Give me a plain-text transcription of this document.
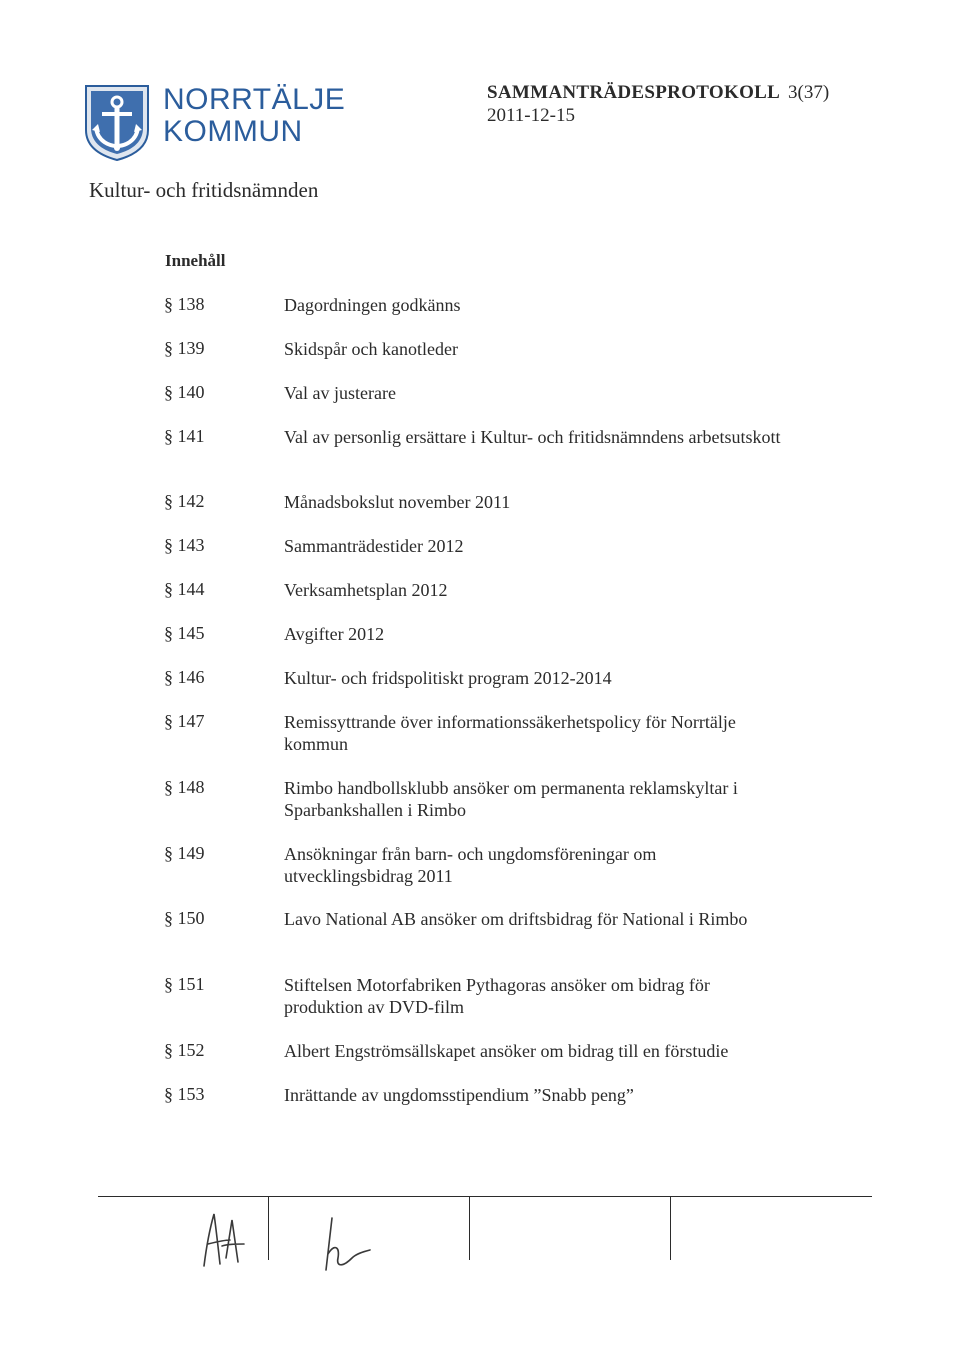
NORRTÄLJE
KOMMUN
SAMMANTRÄDESPROTOKOLL 3(37)
2011-12-15
Kultur- och fritidsnämnden
Innehåll
§ 138	Dagordningen godkänns
§ 139	Skidspår och kanotleder
§ 140	Val av justerare
§ 141	Val av personlig ersättare i Kultur- och fritidsnämndens arbetsutskott
§ 142	Månadsbokslut november 2011
§ 143	Sammanträdestider 2012
§ 144	Verksamhetsplan 2012
§ 145	Avgifter 2012
§ 146	Kultur- och fridspolitiskt program 2012-2014
§ 147	Remissyttrande över informationssäkerhetspolicy för Norrtälje kommun
§ 148	Rimbo handbollsklubb ansöker om permanenta reklamskyltar i Sparbankshallen i Rimbo
§ 149	Ansökningar från barn- och ungdomsföreningar om utvecklingsbidrag 2011
§ 150	Lavo National AB ansöker om driftsbidrag för National i Rimbo
§ 151	Stiftelsen Motorfabriken Pythagoras ansöker om bidrag för produktion av DVD-film
§ 152	Albert Engströmsällskapet ansöker om bidrag till en förstudie
§ 153	Inrättande av ungdomsstipendium ”Snabb peng”
